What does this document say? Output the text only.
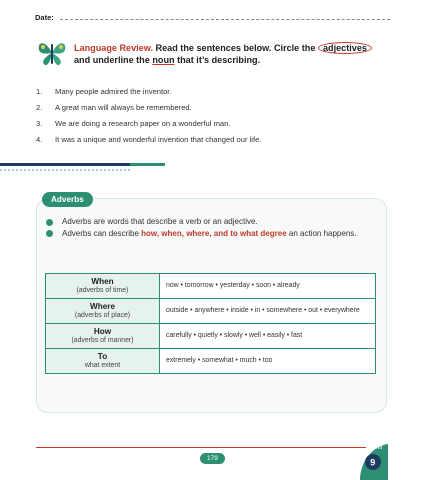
Date:
Language Review. Read the sentences below. Circle the adjectives
and underline the noun that it’s describing.
1. Many people admired the inventor.
2. A great man will always be remembered.
3. We are doing a research paper on a wonderful man.
4. It was a unique and wonderful invention that changed our life.
Adverbs
Adverbs are words that describe a verb or an adjective.
Adverbs can describe how, when, where, and to what degree an action happens.
When
(adverbs of time)	now • tomorrow • yesterday • soon • already

Where
(adverbs of place)	outside • anywhere • inside • in • somewhere • out • everywhere

How
(adverbs of manner)	carefully • quietly • slowly • well • easily • fast

To
what extent	extremely • somewhat • much • too
179
unit
9
